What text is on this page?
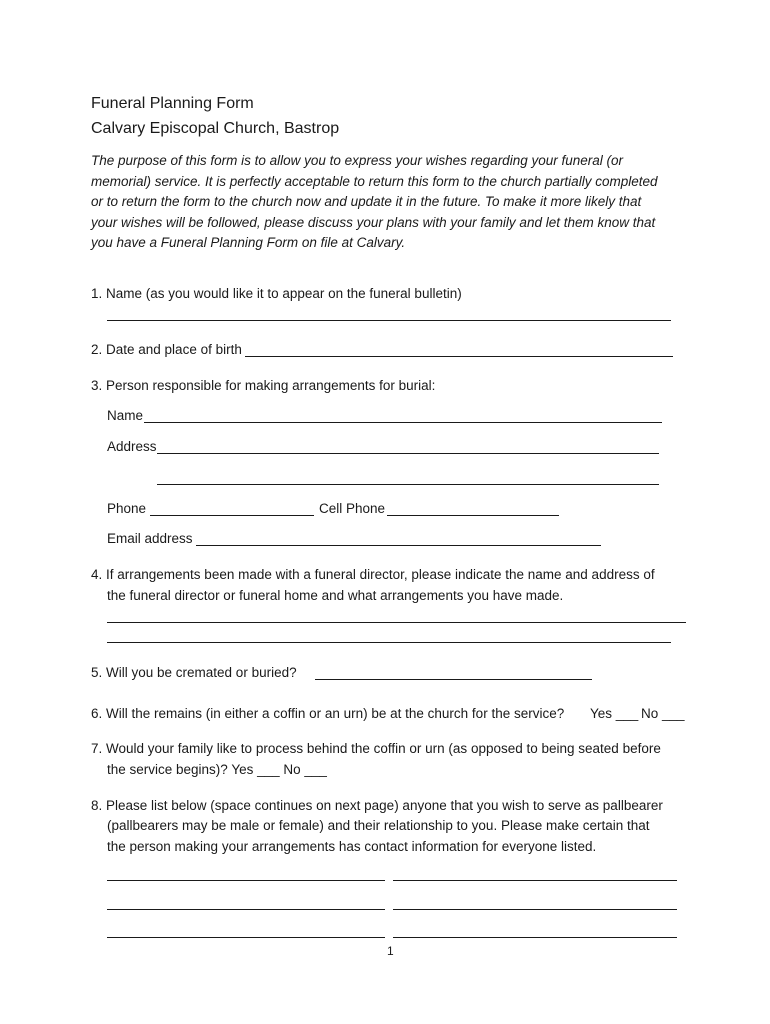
Funeral Planning Form
Calvary Episcopal Church, Bastrop
The purpose of this form is to allow you to express your wishes regarding your funeral (or
memorial) service. It is perfectly acceptable to return this form to the church partially completed
or to return the form to the church now and update it in the future. To make it more likely that
your wishes will be followed, please discuss your plans with your family and let them know that
you have a Funeral Planning Form on file at Calvary.
1. Name (as you would like it to appear on the funeral bulletin)
2. Date and place of birth
3. Person responsible for making arrangements for burial:
Name
Address
Phone	Cell Phone
Email address
4. If arrangements been made with a funeral director, please indicate the name and address of
the funeral director or funeral home and what arrangements you have made.
5. Will you be cremated or buried?
6. Will the remains (in either a coffin or an urn) be at the church for the service? Yes ___ No ___
7. Would your family like to process behind the coffin or urn (as opposed to being seated before
the service begins)? Yes ___ No ___
8. Please list below (space continues on next page) anyone that you wish to serve as pallbearer
(pallbearers may be male or female) and their relationship to you. Please make certain that
the person making your arrangements has contact information for everyone listed.
1
